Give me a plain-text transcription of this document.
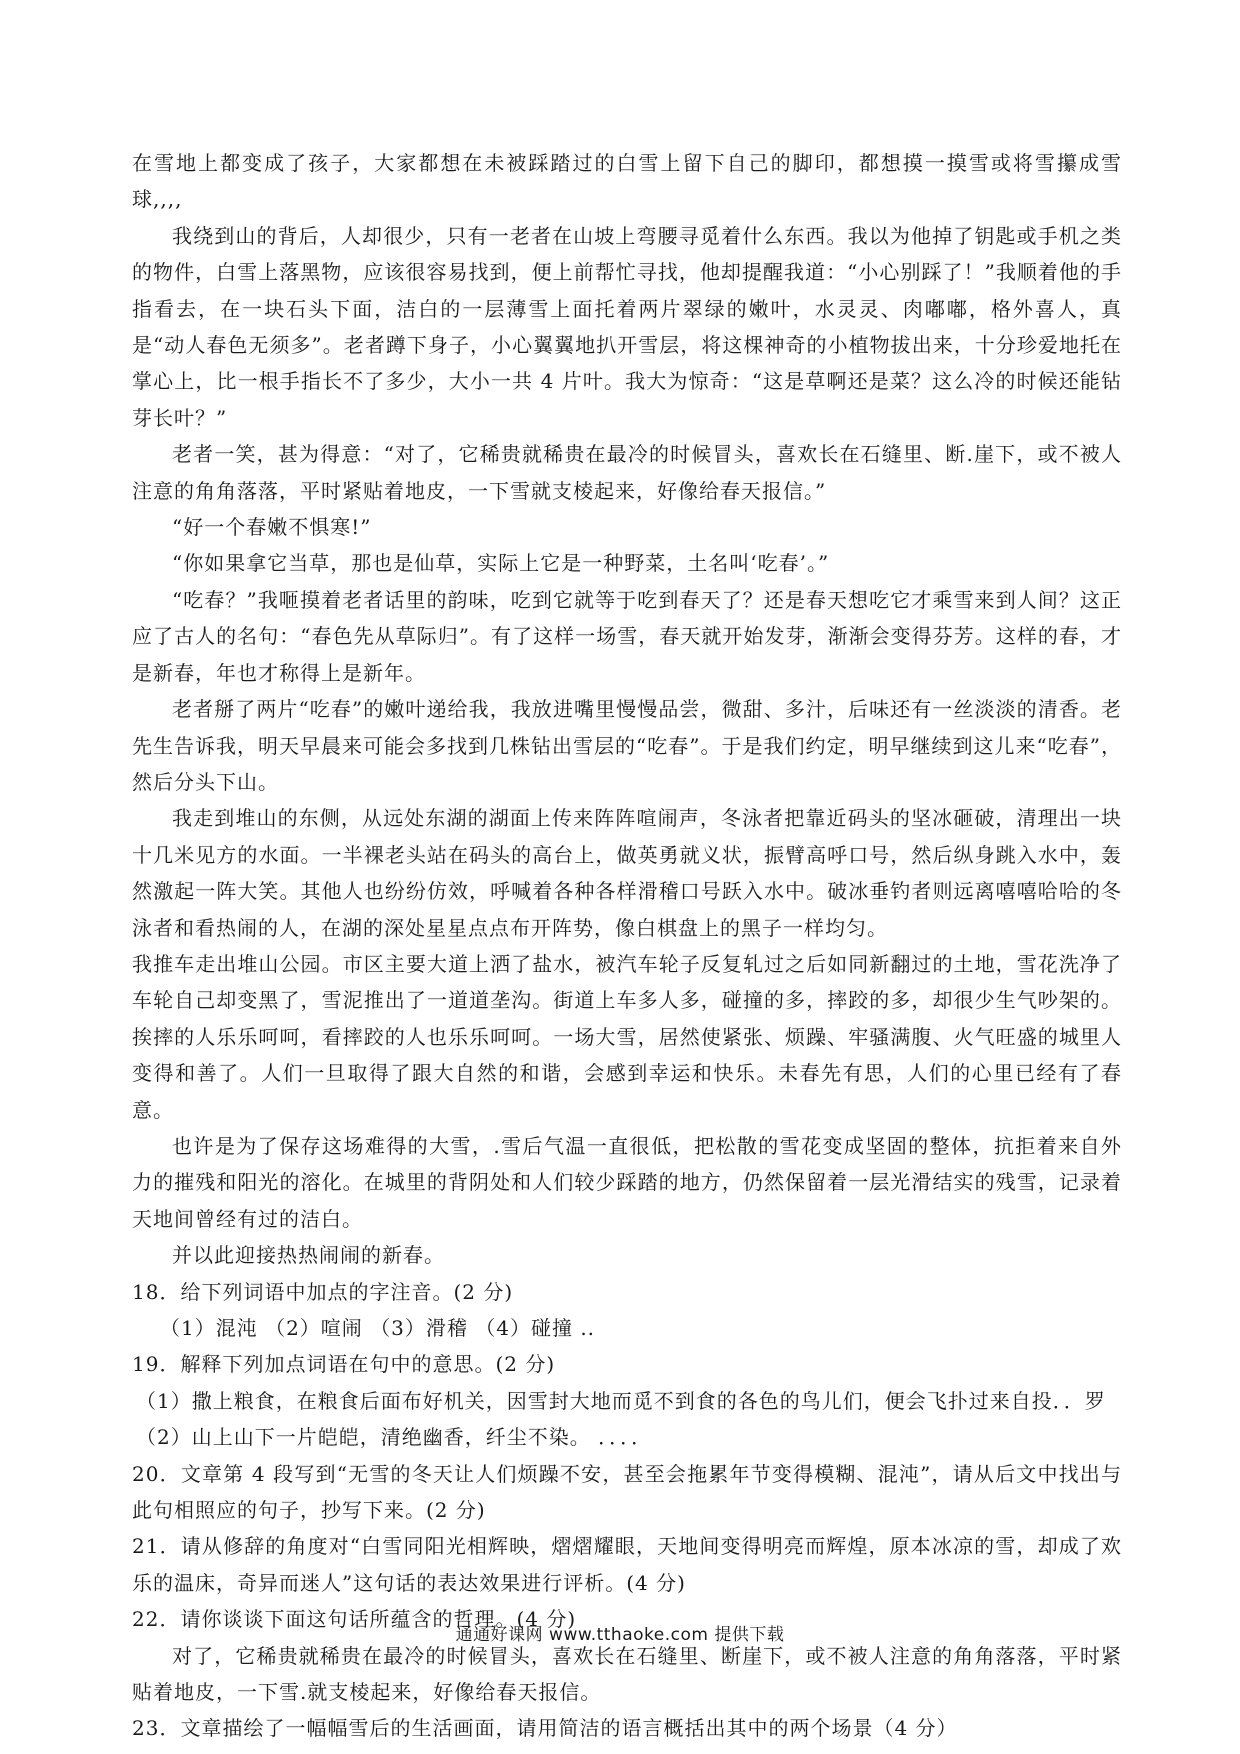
在雪地上都变成了孩子，大家都想在未被踩踏过的白雪上留下自己的脚印，都想摸一摸雪或将雪攥成雪球,,,,

我绕到山的背后，人却很少，只有一老者在山坡上弯腰寻觅着什么东西。我以为他掉了钥匙或手机之类的物件，白雪上落黑物，应该很容易找到，便上前帮忙寻找，他却提醒我道：“小心别踩了！”我顺着他的手指看去，在一块石头下面，洁白的一层薄雪上面托着两片翠绿的嫩叶，水灵灵、肉嘟嘟，格外喜人，真是“动人春色无须多”。老者蹲下身子，小心翼翼地扒开雪层，将这棵神奇的小植物拔出来，十分珍爱地托在掌心上，比一根手指长不了多少，大小一共 4 片叶。我大为惊奇：“这是草啊还是菜？这么冷的时候还能钻芽长叶？”

老者一笑，甚为得意：“对了，它稀贵就稀贵在最冷的时候冒头，喜欢长在石缝里、断.崖下，或不被人注意的角角落落，平时紧贴着地皮，一下雪就支棱起来，好像给春天报信。”

“好一个春嫩不惧寒!”

“你如果拿它当草，那也是仙草，实际上它是一种野菜，土名叫‘吃春’。”

“吃春？”我咂摸着老者话里的韵味，吃到它就等于吃到春天了？还是春天想吃它才乘雪来到人间？这正应了古人的名句：“春色先从草际归”。有了这样一场雪，春天就开始发芽，渐渐会变得芬芳。这样的春，才是新春，年也才称得上是新年。

老者掰了两片“吃春”的嫩叶递给我，我放进嘴里慢慢品尝，微甜、多汁，后味还有一丝淡淡的清香。老先生告诉我，明天早晨来可能会多找到几株钻出雪层的“吃春”。于是我们约定，明早继续到这儿来“吃春”，然后分头下山。

我走到堆山的东侧，从远处东湖的湖面上传来阵阵喧闹声，冬泳者把靠近码头的坚冰砸破，清理出一块十几米见方的水面。一半裸老头站在码头的高台上，做英勇就义状，振臂高呼口号，然后纵身跳入水中，轰然激起一阵大笑。其他人也纷纷仿效，呼喊着各种各样滑稽口号跃入水中。破冰垂钓者则远离嘻嘻哈哈的冬泳者和看热闹的人，在湖的深处星星点点布开阵势，像白棋盘上的黑子一样均匀。

我推车走出堆山公园。市区主要大道上洒了盐水，被汽车轮子反复轧过之后如同新翻过的土地，雪花洗净了车轮自己却变黑了，雪泥推出了一道道垄沟。街道上车多人多，碰撞的多，摔跤的多，却很少生气吵架的。挨摔的人乐乐呵呵，看摔跤的人也乐乐呵呵。一场大雪，居然使紧张、烦躁、牢骚满腹、火气旺盛的城里人变得和善了。人们一旦取得了跟大自然的和谐，会感到幸运和快乐。未春先有思，人们的心里已经有了春意。

也许是为了保存这场难得的大雪，.雪后气温一直很低，把松散的雪花变成坚固的整体，抗拒着来自外力的摧残和阳光的溶化。在城里的背阴处和人们较少踩踏的地方，仍然保留着一层光滑结实的残雪，记录着天地间曾经有过的洁白。

并以此迎接热热闹闹的新春。

18．给下列词语中加点的字注音。(2 分)

（1）混沌 （2）喧闹 （3）滑稽 （4）碰撞 ..

19．解释下列加点词语在句中的意思。(2 分)

（1）撒上粮食，在粮食后面布好机关，因雪封大地而觅不到食的各色的鸟儿们，便会飞扑过来自投．．罗

（2）山上山下一片皑皑，清绝幽香，纤尘不染。 ．．．．

20．文章第 4 段写到“无雪的冬天让人们烦躁不安，甚至会拖累年节变得模糊、混沌”，请从后文中找出与此句相照应的句子，抄写下来。(2 分)

21．请从修辞的角度对“白雪同阳光相辉映，熠熠耀眼，天地间变得明亮而辉煌，原本冰凉的雪，却成了欢乐的温床，奇异而迷人”这句话的表达效果进行评析。(4 分)

22．请你谈谈下面这句话所蕴含的哲理。(4 分)

对了，它稀贵就稀贵在最冷的时候冒头，喜欢长在石缝里、断崖下，或不被人注意的角角落落，平时紧贴着地皮，一下雪.就支棱起来，好像给春天报信。

23．文章描绘了一幅幅雪后的生活画面，请用简洁的语言概括出其中的两个场景（4 分）

通通好课网 www.tthaoke.com 提供下载
